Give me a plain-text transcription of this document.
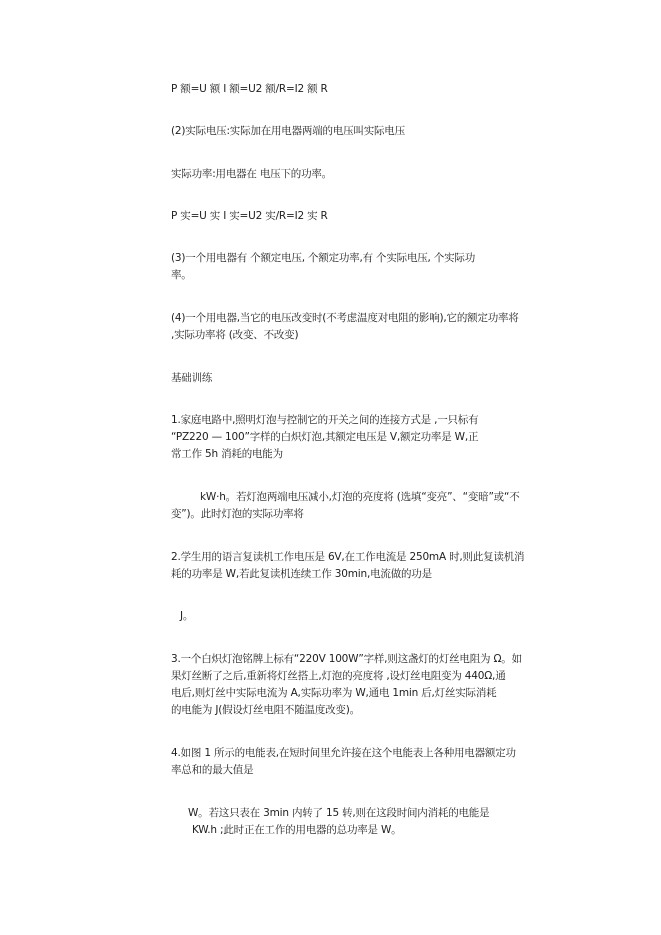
P 额=U 额 I 额=U2 额/R=I2 额 R

(2)实际电压:实际加在用电器两端的电压叫实际电压

实际功率:用电器在 电压下的功率。

P 实=U 实 I 实=U2 实/R=I2 实 R

(3)一个用电器有 个额定电压, 个额定功率,有 个实际电压, 个实际功

率。

(4)一个用电器,当它的电压改变时(不考虑温度对电阻的影响),它的额定功率将

,实际功率将 (改变、不改变)

基础训练

1.家庭电路中,照明灯泡与控制它的开关之间的连接方式是 ,一只标有

“PZ220 — 100”字样的白炽灯泡,其额定电压是 V,额定功率是 W,正

常工作 5h 消耗的电能为

kW·h。若灯泡两端电压减小,灯泡的亮度将 (选填“变亮”、“变暗”或“不

变”)。此时灯泡的实际功率将

2.学生用的语言复读机工作电压是 6V,在工作电流是 250mA 时,则此复读机消

耗的功率是 W,若此复读机连续工作 30min,电流做的功是

J。

3.一个白炽灯泡铭牌上标有“220V 100W”字样,则这盏灯的灯丝电阻为 Ω。如

果灯丝断了之后,重新将灯丝搭上,灯泡的亮度将 ,设灯丝电阻变为 440Ω,通

电后,则灯丝中实际电流为 A,实际功率为 W,通电 1min 后,灯丝实际消耗

的电能为 J(假设灯丝电阻不随温度改变)。

4.如图 1 所示的电能表,在短时间里允许接在这个电能表上各种用电器额定功

率总和的最大值是

W。若这只表在 3min 内转了 15 转,则在这段时间内消耗的电能是

KW.h ;此时正在工作的用电器的总功率是 W。
